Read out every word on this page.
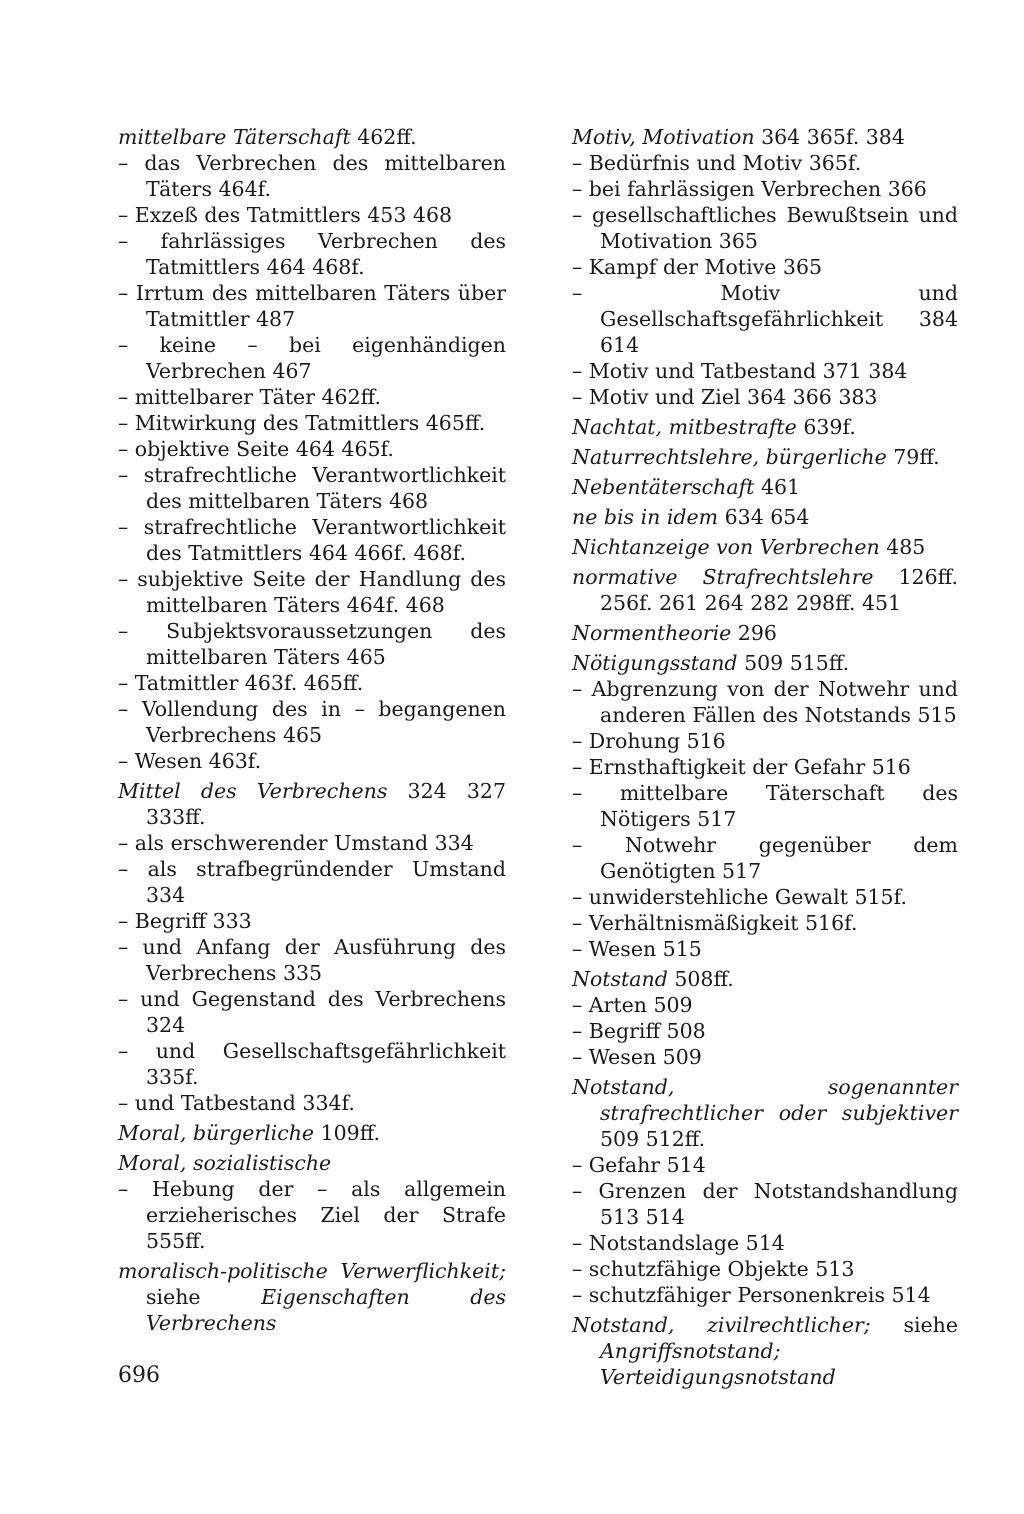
mittelbare Täterschaft 462ff.

– das Verbrechen des mittelbaren Täters 464f.

– Exzeß des Tatmittlers 453 468

– fahrlässiges Verbrechen des Tatmittlers 464 468f.

– Irrtum des mittelbaren Täters über Tatmittler 487

– keine – bei eigenhändigen Verbrechen 467

– mittelbarer Täter 462ff.

– Mitwirkung des Tatmittlers 465ff.

– objektive Seite 464 465f.

– strafrechtliche Verantwortlichkeit des mittelbaren Täters 468

– strafrechtliche Verantwortlichkeit des Tatmittlers 464 466f. 468f.

– subjektive Seite der Handlung des mittelbaren Täters 464f. 468

– Subjektsvoraussetzungen des mittelbaren Täters 465

– Tatmittler 463f. 465ff.

– Vollendung des in – begangenen Verbrechens 465

– Wesen 463f.

Mittel des Verbrechens 324 327 333ff.

– als erschwerender Umstand 334

– als strafbegründender Umstand 334

– Begriff 333

– und Anfang der Ausführung des Verbrechens 335

– und Gegenstand des Verbrechens 324

– und Gesellschaftsgefährlichkeit 335f.

– und Tatbestand 334f.

Moral, bürgerliche 109ff.

Moral, sozialistische

– Hebung der – als allgemein erzieherisches Ziel der Strafe 555ff.

moralisch-politische Verwerflichkeit; siehe Eigenschaften des Verbrechens

Motiv, Motivation 364 365f. 384

– Bedürfnis und Motiv 365f.

– bei fahrlässigen Verbrechen 366

– gesellschaftliches Bewußtsein und Motivation 365

– Kampf der Motive 365

– Motiv und Gesellschaftsgefährlichkeit 384 614

– Motiv und Tatbestand 371 384

– Motiv und Ziel 364 366 383

Nachtat, mitbestrafte 639f.

Naturrechtslehre, bürgerliche 79ff.

Nebentäterschaft 461

ne bis in idem 634 654

Nichtanzeige von Verbrechen 485

normative Strafrechtslehre 126ff. 256f. 261 264 282 298ff. 451

Normentheorie 296

Nötigungsstand 509 515ff.

– Abgrenzung von der Notwehr und anderen Fällen des Notstands 515

– Drohung 516

– Ernsthaftigkeit der Gefahr 516

– mittelbare Täterschaft des Nötigers 517

– Notwehr gegenüber dem Genötigten 517

– unwiderstehliche Gewalt 515f.

– Verhältnismäßigkeit 516f.

– Wesen 515

Notstand 508ff.

– Arten 509

– Begriff 508

– Wesen 509

Notstand, sogenannter strafrechtlicher oder subjektiver 509 512ff.

– Gefahr 514

– Grenzen der Notstandshandlung 513 514

– Notstandslage 514

– schutzfähige Objekte 513

– schutzfähiger Personenkreis 514

Notstand, zivilrechtlicher; siehe Angriffsnotstand; Verteidigungsnotstand

696
